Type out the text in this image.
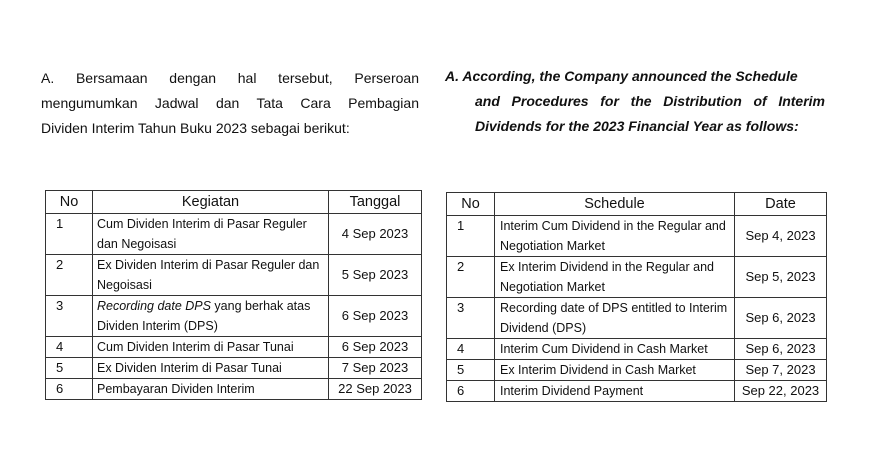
A. Bersamaan dengan hal tersebut, Perseroan
mengumumkan Jadwal dan Tata Cara Pembagian
Dividen Interim Tahun Buku 2023 sebagai berikut:
A. According, the Company announced the Schedule
and Procedures for the Distribution of Interim
Dividends for the 2023 Financial Year as follows:
No	Kegiatan	Tanggal
1	Cum Dividen Interim di Pasar Reguler dan Negoisasi	4 Sep 2023
2	Ex Dividen Interim di Pasar Reguler dan Negoisasi	5 Sep 2023
3	Recording date DPS yang berhak atas Dividen Interim (DPS)	6 Sep 2023
4	Cum Dividen Interim di Pasar Tunai	6 Sep 2023
5	Ex Dividen Interim di Pasar Tunai	7 Sep 2023
6	Pembayaran Dividen Interim	22 Sep 2023
No	Schedule	Date
1	Interim Cum Dividend in the Regular and Negotiation Market	Sep 4, 2023
2	Ex Interim Dividend in the Regular and Negotiation Market	Sep 5, 2023
3	Recording date of DPS entitled to Interim Dividend (DPS)	Sep 6, 2023
4	Interim Cum Dividend in Cash Market	Sep 6, 2023
5	Ex Interim Dividend in Cash Market	Sep 7, 2023
6	Interim Dividend Payment	Sep 22, 2023
